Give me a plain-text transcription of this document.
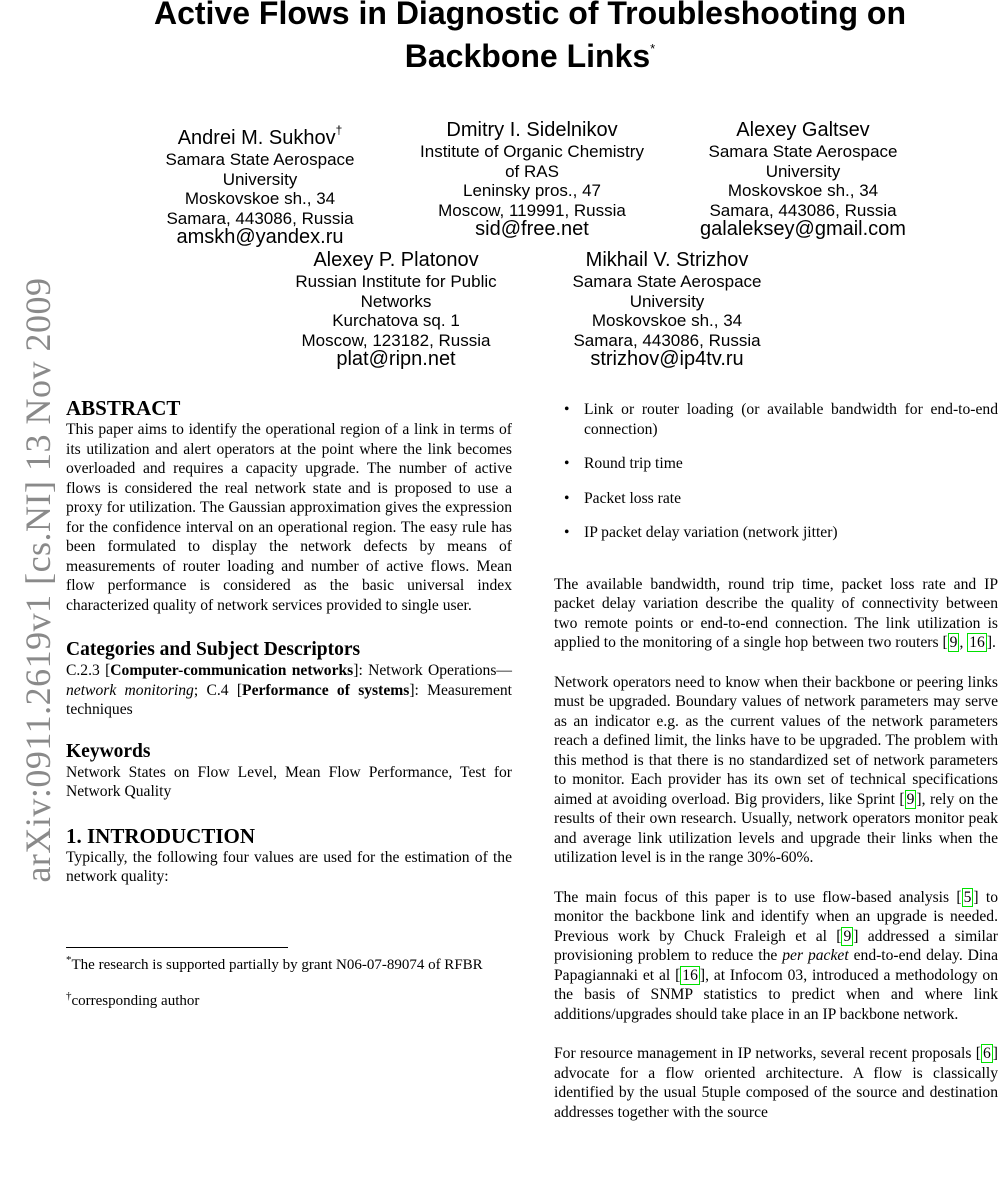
Active Flows in Diagnostic of Troubleshooting on
Backbone Links*
Andrei M. Sukhov†
Samara State Aerospace
University
Moskovskoe sh., 34
Samara, 443086, Russia
amskh@yandex.ru
Dmitry I. Sidelnikov
Institute of Organic Chemistry
of RAS
Leninsky pros., 47
Moscow, 119991, Russia
sid@free.net
Alexey Galtsev
Samara State Aerospace
University
Moskovskoe sh., 34
Samara, 443086, Russia
galaleksey@gmail.com
Alexey P. Platonov
Russian Institute for Public
Networks
Kurchatova sq. 1
Moscow, 123182, Russia
plat@ripn.net
Mikhail V. Strizhov
Samara State Aerospace
University
Moskovskoe sh., 34
Samara, 443086, Russia
strizhov@ip4tv.ru
arXiv:0911.2619v1 [cs.NI] 13 Nov 2009 ABSTRACT

This paper aims to identify the operational region of a link in terms of its utilization and alert operators at the point where the link becomes overloaded and requires a capacity upgrade. The number of active flows is considered the real network state and is proposed to use a proxy for utilization. The Gaussian approximation gives the expression for the confidence interval on an operational region. The easy rule has been formulated to display the network defects by means of measurements of router loading and number of active flows. Mean flow performance is considered as the basic universal index characterized quality of network services provided to single user.

Categories and Subject Descriptors

C.2.3 [Computer-communication networks]: Network Operations—network monitoring; C.4 [Performance of systems]: Measurement techniques

Keywords

Network States on Flow Level, Mean Flow Performance, Test for Network Quality

1. INTRODUCTION

Typically, the following four values are used for the estimation of the network quality:

*The research is supported partially by grant N06-07-89074 of RFBR
†corresponding author
• Link or router loading (or available bandwidth for end-to-end connection)
• Round trip time
• Packet loss rate
• IP packet delay variation (network jitter)

The available bandwidth, round trip time, packet loss rate and IP packet delay variation describe the quality of connectivity between two remote points or end-to-end connection. The link utilization is applied to the monitoring of a single hop between two routers [ 9 , 16 ].

Network operators need to know when their backbone or peering links must be upgraded. Boundary values of network parameters may serve as an indicator e.g. as the current values of the network parameters reach a defined limit, the links have to be upgraded. The problem with this method is that there is no standardized set of network parameters to monitor. Each provider has its own set of technical specifications aimed at avoiding overload. Big providers, like Sprint [ 9 ], rely on the results of their own research. Usually, network operators monitor peak and average link utilization levels and upgrade their links when the utilization level is in the range 30%-60%.

The main focus of this paper is to use flow-based analysis [ 5 ] to monitor the backbone link and identify when an upgrade is needed. Previous work by Chuck Fraleigh et al [ 9 ] addressed a similar provisioning problem to reduce the per packet end-to-end delay. Dina Papagiannaki et al [ 16 ], at Infocom 03, introduced a methodology on the basis of SNMP statistics to predict when and where link additions/upgrades should take place in an IP backbone network.

For resource management in IP networks, several recent proposals [ 6 ] advocate for a flow oriented architecture. A flow is classically identified by the usual 5tuple composed of the source and destination addresses together with the source
